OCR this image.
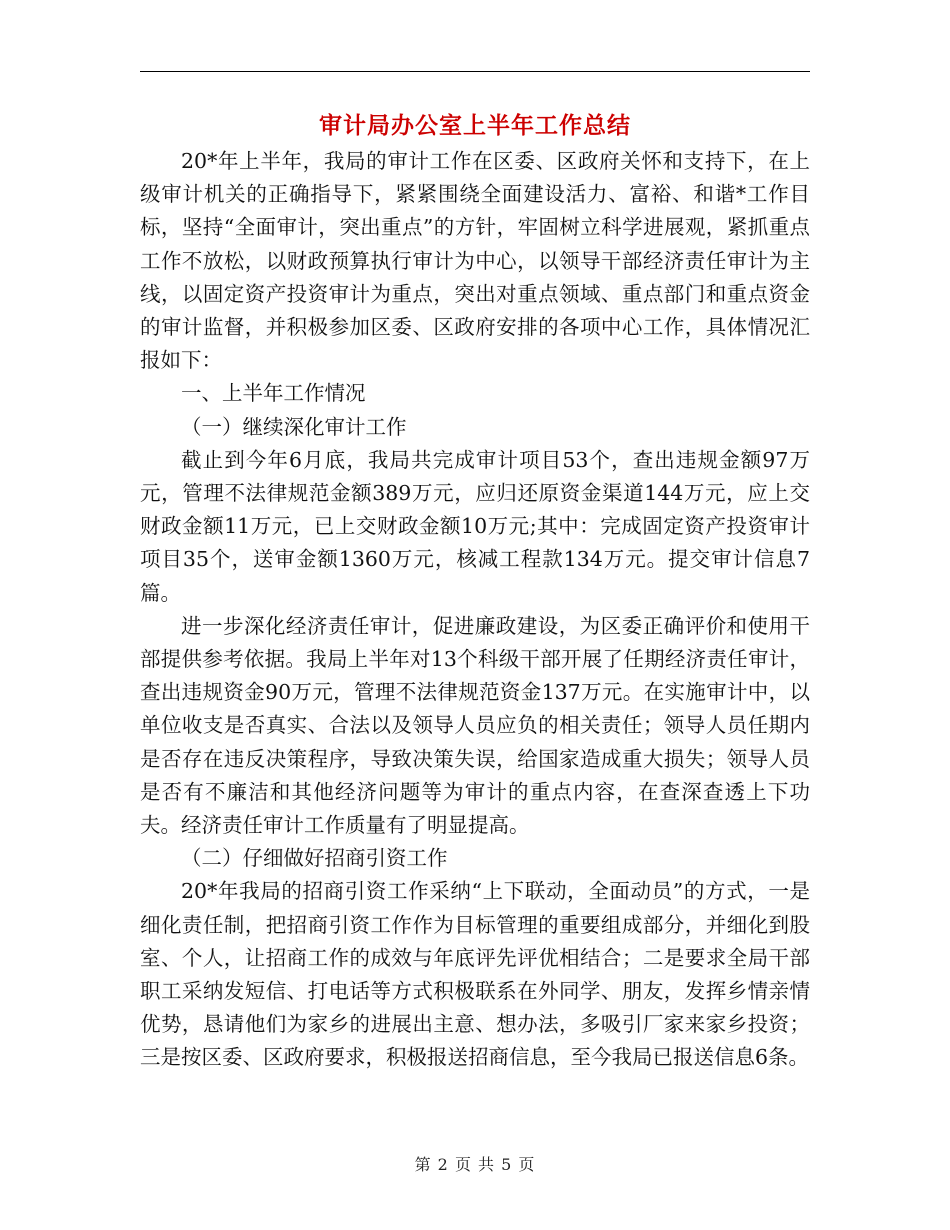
审计局办公室上半年工作总结

20*年上半年，我局的审计工作在区委、区政府关怀和支持下，在上级审计机关的正确指导下，紧紧围绕全面建设活力、富裕、和谐*工作目标，坚持“全面审计，突出重点”的方针，牢固树立科学进展观，紧抓重点工作不放松，以财政预算执行审计为中心，以领导干部经济责任审计为主线，以固定资产投资审计为重点，突出对重点领域、重点部门和重点资金的审计监督，并积极参加区委、区政府安排的各项中心工作，具体情况汇报如下：

一、上半年工作情况

（一）继续深化审计工作

截止到今年6月底，我局共完成审计项目53个，查出违规金额97万元，管理不法律规范金额389万元，应归还原资金渠道144万元，应上交财政金额11万元，已上交财政金额10万元;其中：完成固定资产投资审计项目35个，送审金额1360万元，核减工程款134万元。提交审计信息7篇。

进一步深化经济责任审计，促进廉政建设，为区委正确评价和使用干部提供参考依据。我局上半年对13个科级干部开展了任期经济责任审计，查出违规资金90万元，管理不法律规范资金137万元。在实施审计中，以单位收支是否真实、合法以及领导人员应负的相关责任；领导人员任期内是否存在违反决策程序，导致决策失误，给国家造成重大损失；领导人员是否有不廉洁和其他经济问题等为审计的重点内容，在查深查透上下功夫。经济责任审计工作质量有了明显提高。

（二）仔细做好招商引资工作

20*年我局的招商引资工作采纳“上下联动，全面动员”的方式，一是细化责任制，把招商引资工作作为目标管理的重要组成部分，并细化到股室、个人，让招商工作的成效与年底评先评优相结合；二是要求全局干部职工采纳发短信、打电话等方式积极联系在外同学、朋友，发挥乡情亲情优势，恳请他们为家乡的进展出主意、想办法，多吸引厂家来家乡投资；三是按区委、区政府要求，积极报送招商信息，至今我局已报送信息6条。

第 2 页 共 5 页
